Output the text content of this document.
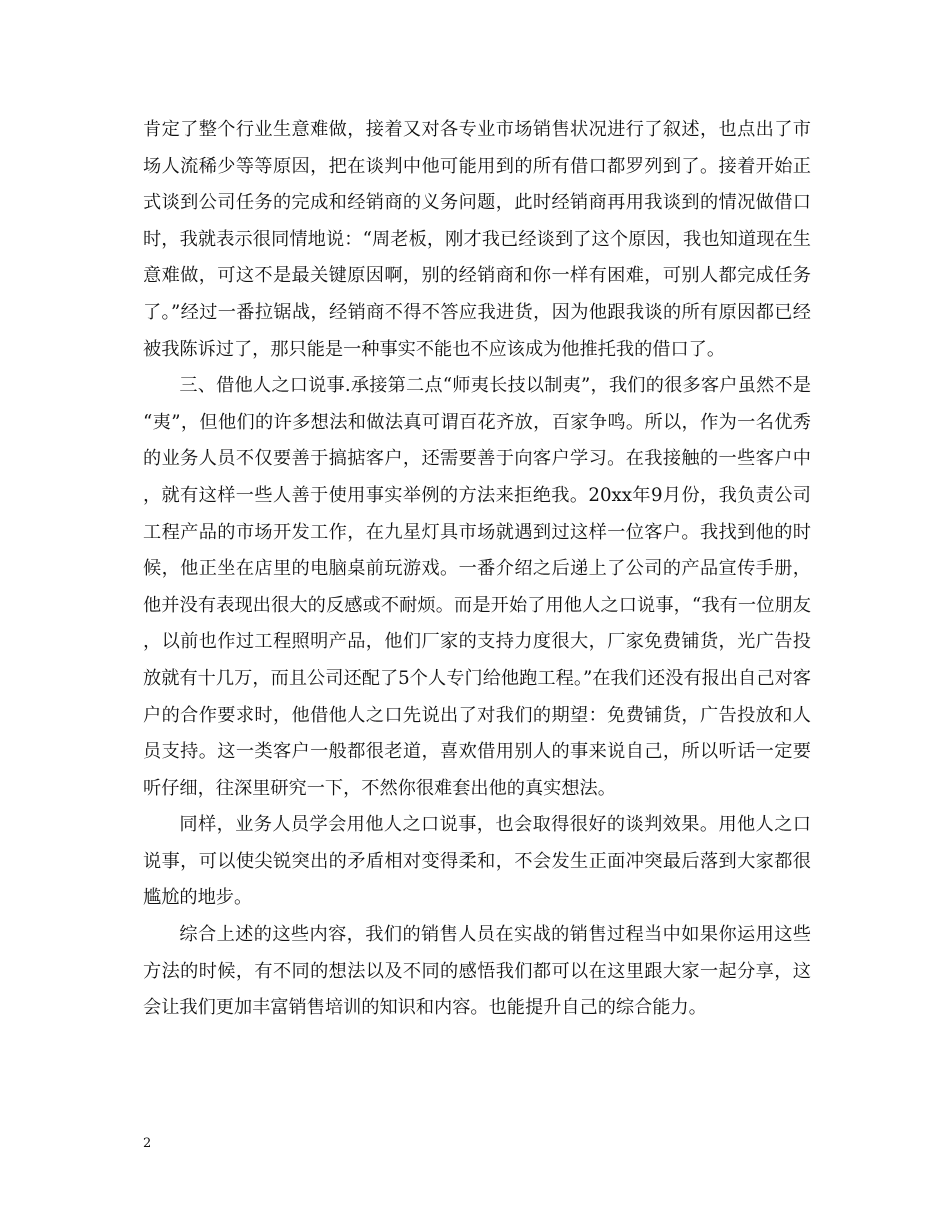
肯定了整个行业生意难做，接着又对各专业市场销售状况进行了叙述，也点出了市场人流稀少等等原因，把在谈判中他可能用到的所有借口都罗列到了。接着开始正式谈到公司任务的完成和经销商的义务问题，此时经销商再用我谈到的情况做借口时，我就表示很同情地说：“周老板，刚才我已经谈到了这个原因，我也知道现在生意难做，可这不是最关键原因啊，别的经销商和你一样有困难，可别人都完成任务了。”经过一番拉锯战，经销商不得不答应我进货，因为他跟我谈的所有原因都已经被我陈诉过了，那只能是一种事实不能也不应该成为他推托我的借口了。

三、借他人之口说事.承接第二点“师夷长技以制夷”，我们的很多客户虽然不是“夷”，但他们的许多想法和做法真可谓百花齐放，百家争鸣。所以，作为一名优秀的业务人员不仅要善于搞掂客户，还需要善于向客户学习。在我接触的一些客户中，就有这样一些人善于使用事实举例的方法来拒绝我。20xx年9月份，我负责公司工程产品的市场开发工作，在九星灯具市场就遇到过这样一位客户。我找到他的时候，他正坐在店里的电脑桌前玩游戏。一番介绍之后递上了公司的产品宣传手册，他并没有表现出很大的反感或不耐烦。而是开始了用他人之口说事，“我有一位朋友，以前也作过工程照明产品，他们厂家的支持力度很大，厂家免费铺货，光广告投放就有十几万，而且公司还配了5个人专门给他跑工程。”在我们还没有报出自己对客户的合作要求时，他借他人之口先说出了对我们的期望：免费铺货，广告投放和人员支持。这一类客户一般都很老道，喜欢借用别人的事来说自己，所以听话一定要听仔细，往深里研究一下，不然你很难套出他的真实想法。

同样，业务人员学会用他人之口说事，也会取得很好的谈判效果。用他人之口说事，可以使尖锐突出的矛盾相对变得柔和，不会发生正面冲突最后落到大家都很尴尬的地步。

综合上述的这些内容，我们的销售人员在实战的销售过程当中如果你运用这些方法的时候，有不同的想法以及不同的感悟我们都可以在这里跟大家一起分享，这会让我们更加丰富销售培训的知识和内容。也能提升自己的综合能力。

2
